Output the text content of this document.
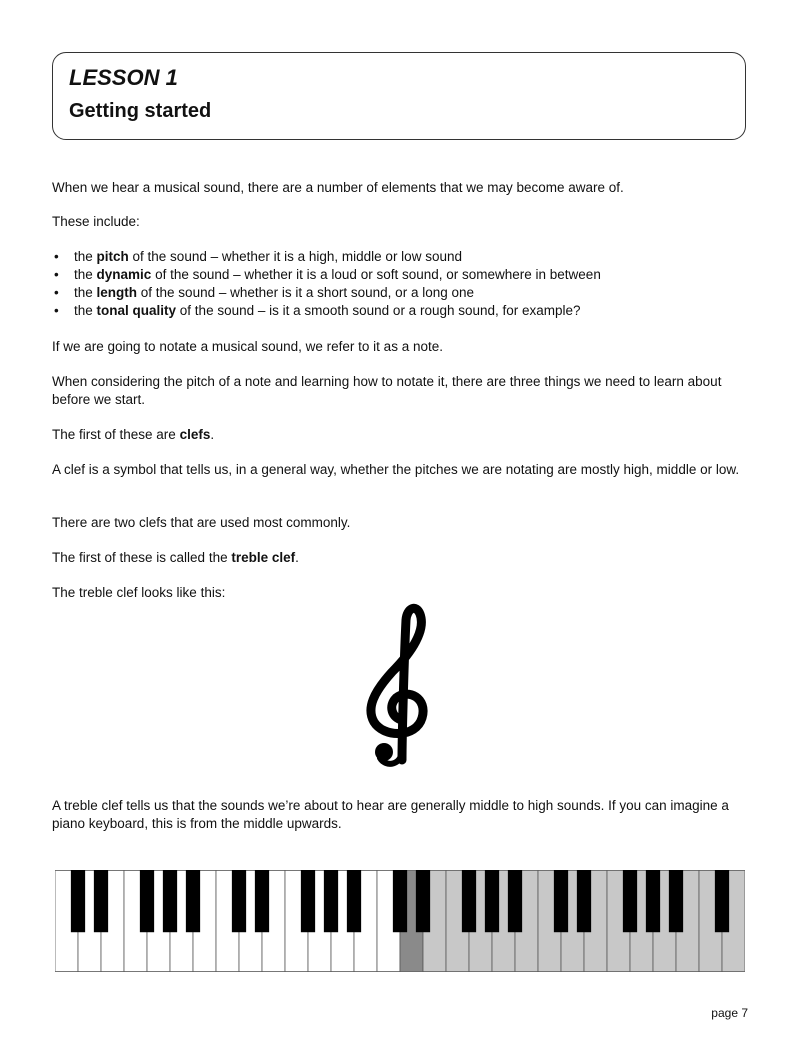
LESSON 1
Getting started

When we hear a musical sound, there are a number of elements that we may become aware of.

These include:

• the pitch of the sound – whether it is a high, middle or low sound
• the dynamic of the sound – whether it is a loud or soft sound, or somewhere in between
• the length of the sound – whether is it a short sound, or a long one
• the tonal quality of the sound – is it a smooth sound or a rough sound, for example?

If we are going to notate a musical sound, we refer to it as a note.

When considering the pitch of a note and learning how to notate it, there are three things we need to learn about before we start.

The first of these are clefs.

A clef is a symbol that tells us, in a general way, whether the pitches we are notating are mostly high, middle or low.

There are two clefs that are used most commonly.

The first of these is called the treble clef.

The treble clef looks like this:

A treble clef tells us that the sounds we’re about to hear are generally middle to high sounds. If you can imagine a piano keyboard, this is from the middle upwards.

page 7
